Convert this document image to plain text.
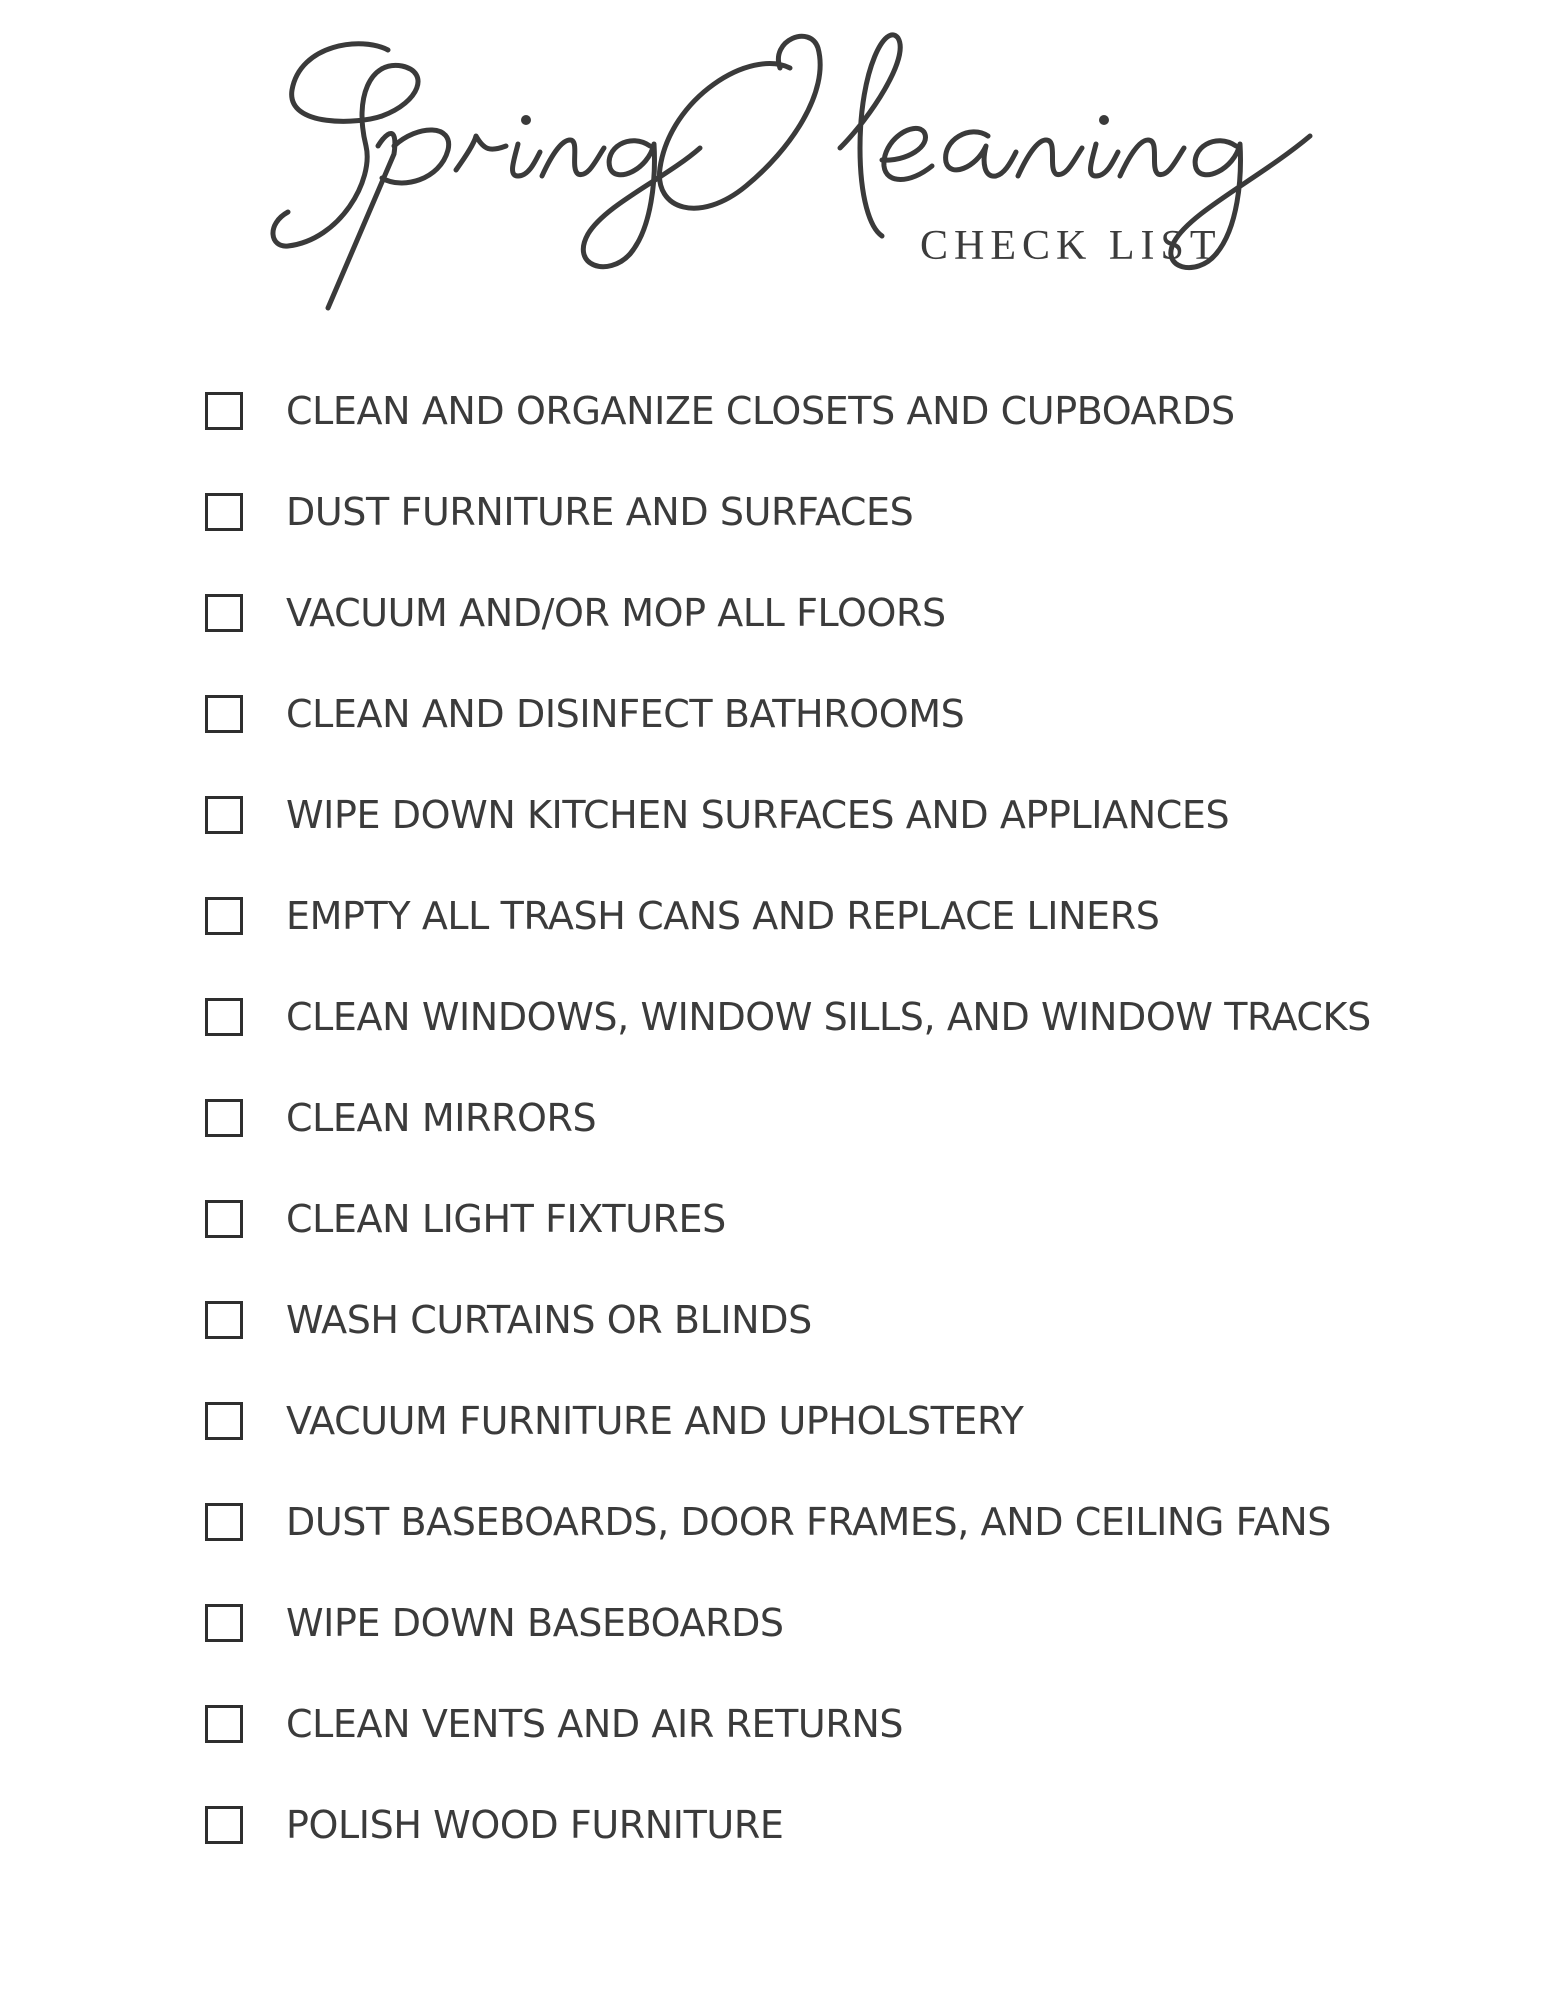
CHECK LIST
CLEAN AND ORGANIZE CLOSETS AND CUPBOARDS
DUST FURNITURE AND SURFACES
VACUUM AND/OR MOP ALL FLOORS
CLEAN AND DISINFECT BATHROOMS
WIPE DOWN KITCHEN SURFACES AND APPLIANCES
EMPTY ALL TRASH CANS AND REPLACE LINERS
CLEAN WINDOWS, WINDOW SILLS, AND WINDOW TRACKS
CLEAN MIRRORS
CLEAN LIGHT FIXTURES
WASH CURTAINS OR BLINDS
VACUUM FURNITURE AND UPHOLSTERY
DUST BASEBOARDS, DOOR FRAMES, AND CEILING FANS
WIPE DOWN BASEBOARDS
CLEAN VENTS AND AIR RETURNS
POLISH WOOD FURNITURE
